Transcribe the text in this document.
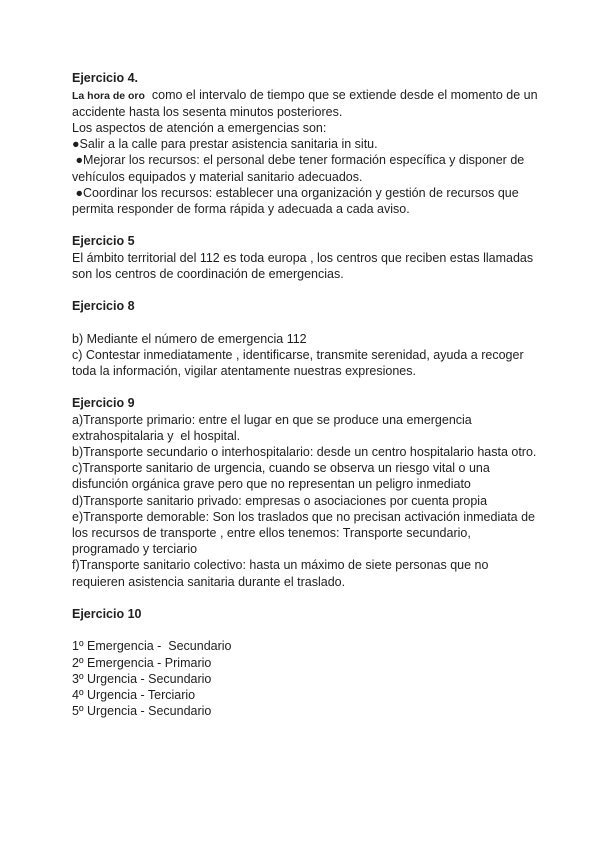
Ejercicio 4.

La hora de oro  como el intervalo de tiempo que se extiende desde el momento de un

accidente hasta los sesenta minutos posteriores.

Los aspectos de atención a emergencias son:

●Salir a la calle para prestar asistencia sanitaria in situ.

●Mejorar los recursos: el personal debe tener formación específica y disponer de

vehículos equipados y material sanitario adecuados.

●Coordinar los recursos: establecer una organización y gestión de recursos que

permita responder de forma rápida y adecuada a cada aviso.

Ejercicio 5

El ámbito territorial del 112 es toda europa , los centros que reciben estas llamadas

son los centros de coordinación de emergencias.

Ejercicio 8

b) Mediante el número de emergencia 112

c) Contestar inmediatamente , identificarse, transmite serenidad, ayuda a recoger

toda la información, vigilar atentamente nuestras expresiones.

Ejercicio 9

a)Transporte primario: entre el lugar en que se produce una emergencia

extrahospitalaria y  el hospital.

b)Transporte secundario o interhospitalario: desde un centro hospitalario hasta otro.

c)Transporte sanitario de urgencia, cuando se observa un riesgo vital o una

disfunción orgánica grave pero que no representan un peligro inmediato

d)Transporte sanitario privado: empresas o asociaciones por cuenta propia

e)Transporte demorable: Son los traslados que no precisan activación inmediata de

los recursos de transporte , entre ellos tenemos: Transporte secundario,

programado y terciario

f)Transporte sanitario colectivo: hasta un máximo de siete personas que no

requieren asistencia sanitaria durante el traslado.

Ejercicio 10

1º Emergencia -  Secundario

2º Emergencia - Primario

3º Urgencia - Secundario

4º Urgencia - Terciario

5º Urgencia - Secundario
